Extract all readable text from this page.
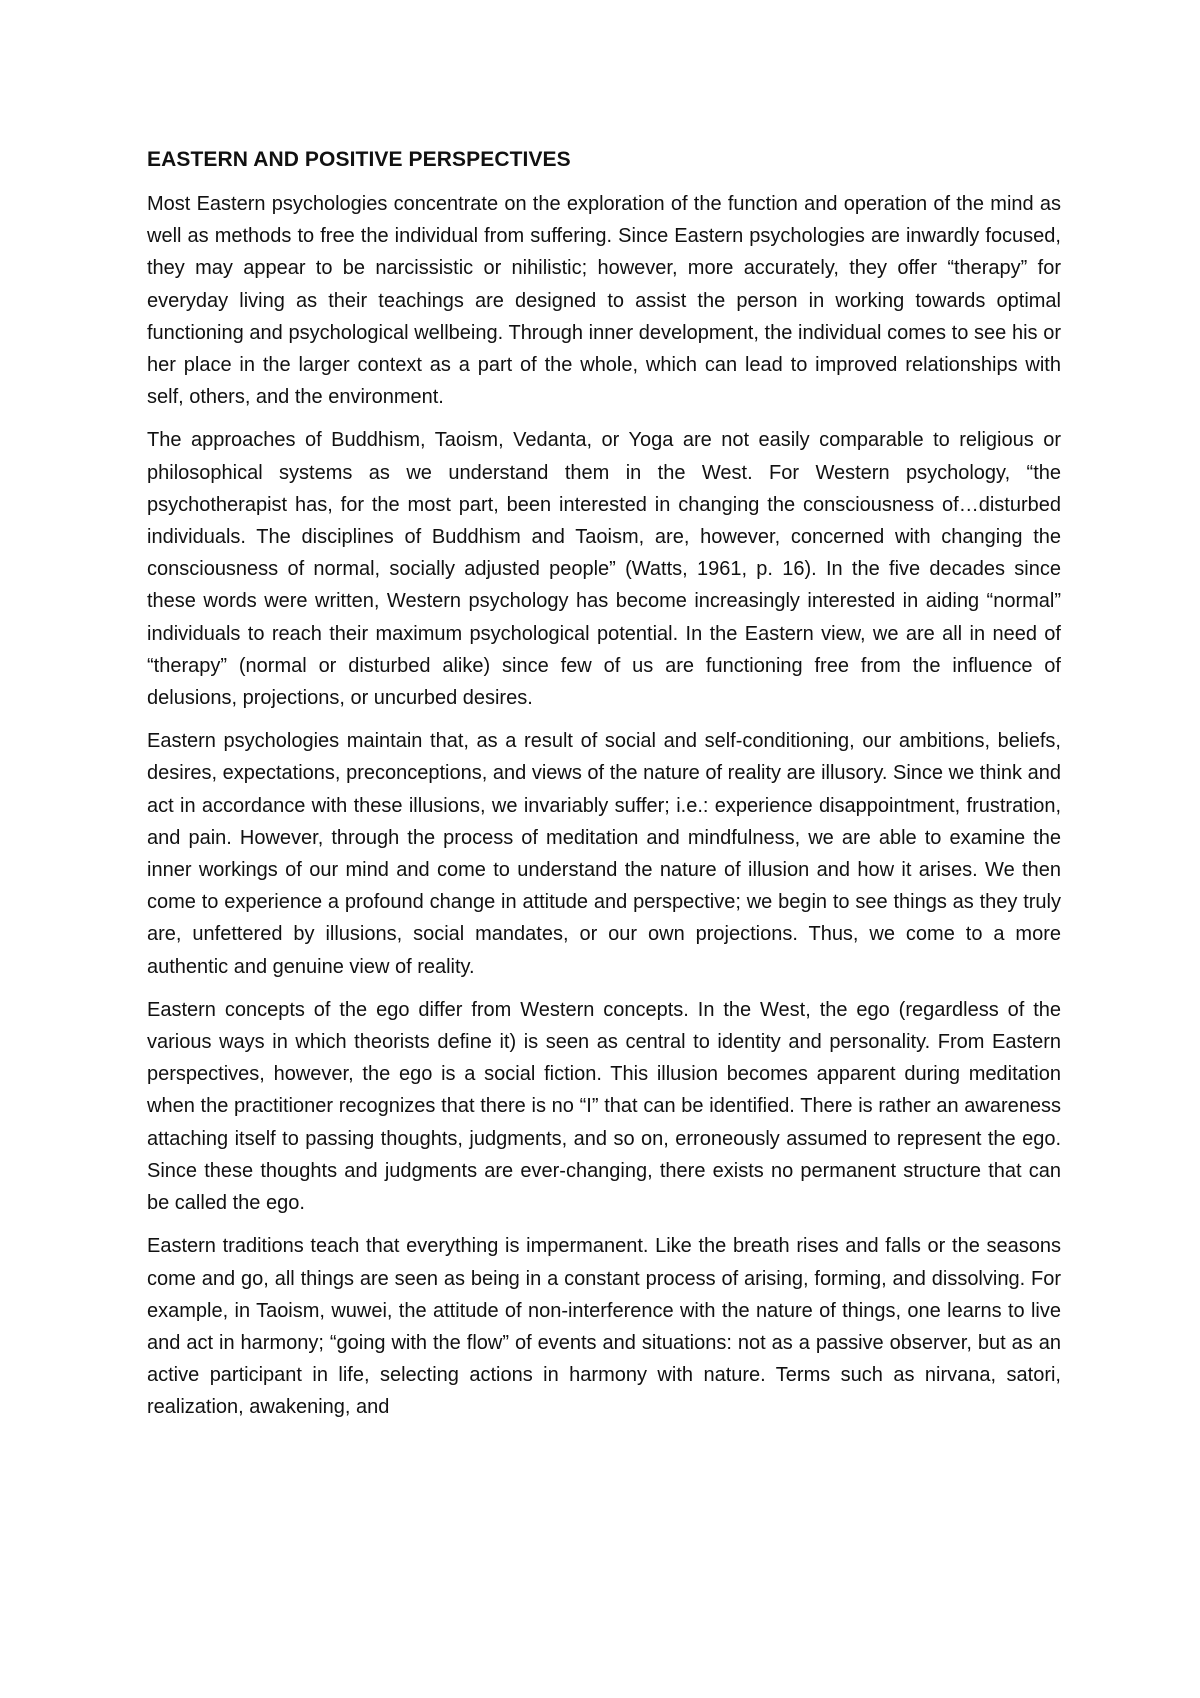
EASTERN AND POSITIVE PERSPECTIVES

Most Eastern psychologies concentrate on the exploration of the function and operation of the mind as well as methods to free the individual from suffering. Since Eastern psychologies are inwardly focused, they may appear to be narcissistic or nihilistic; however, more accurately, they offer “therapy” for everyday living as their teachings are designed to assist the person in working towards optimal functioning and psychological wellbeing. Through inner development, the individual comes to see his or her place in the larger context as a part of the whole, which can lead to improved relationships with self, others, and the environment.

The approaches of Buddhism, Taoism, Vedanta, or Yoga are not easily comparable to religious or philosophical systems as we understand them in the West. For Western psychology, “the psychotherapist has, for the most part, been interested in changing the consciousness of…disturbed individuals. The disciplines of Buddhism and Taoism, are, however, concerned with changing the consciousness of normal, socially adjusted people” (Watts, 1961, p. 16). In the five decades since these words were written, Western psychology has become increasingly interested in aiding “normal” individuals to reach their maximum psychological potential. In the Eastern view, we are all in need of “therapy” (normal or disturbed alike) since few of us are functioning free from the influence of delusions, projections, or uncurbed desires.

Eastern psychologies maintain that, as a result of social and self-conditioning, our ambitions, beliefs, desires, expectations, preconceptions, and views of the nature of reality are illusory. Since we think and act in accordance with these illusions, we invariably suffer; i.e.: experience disappointment, frustration, and pain. However, through the process of meditation and mindfulness, we are able to examine the inner workings of our mind and come to understand the nature of illusion and how it arises. We then come to experience a profound change in attitude and perspective; we begin to see things as they truly are, unfettered by illusions, social mandates, or our own projections. Thus, we come to a more authentic and genuine view of reality.

Eastern concepts of the ego differ from Western concepts. In the West, the ego (regardless of the various ways in which theorists define it) is seen as central to identity and personality. From Eastern perspectives, however, the ego is a social fiction. This illusion becomes apparent during meditation when the practitioner recognizes that there is no “I” that can be identified. There is rather an awareness attaching itself to passing thoughts, judgments, and so on, erroneously assumed to represent the ego. Since these thoughts and judgments are ever-changing, there exists no permanent structure that can be called the ego.

Eastern traditions teach that everything is impermanent. Like the breath rises and falls or the seasons come and go, all things are seen as being in a constant process of arising, forming, and dissolving. For example, in Taoism, wuwei, the attitude of non-interference with the nature of things, one learns to live and act in harmony; “going with the flow” of events and situations: not as a passive observer, but as an active participant in life, selecting actions in harmony with nature. Terms such as nirvana, satori, realization, awakening, and
